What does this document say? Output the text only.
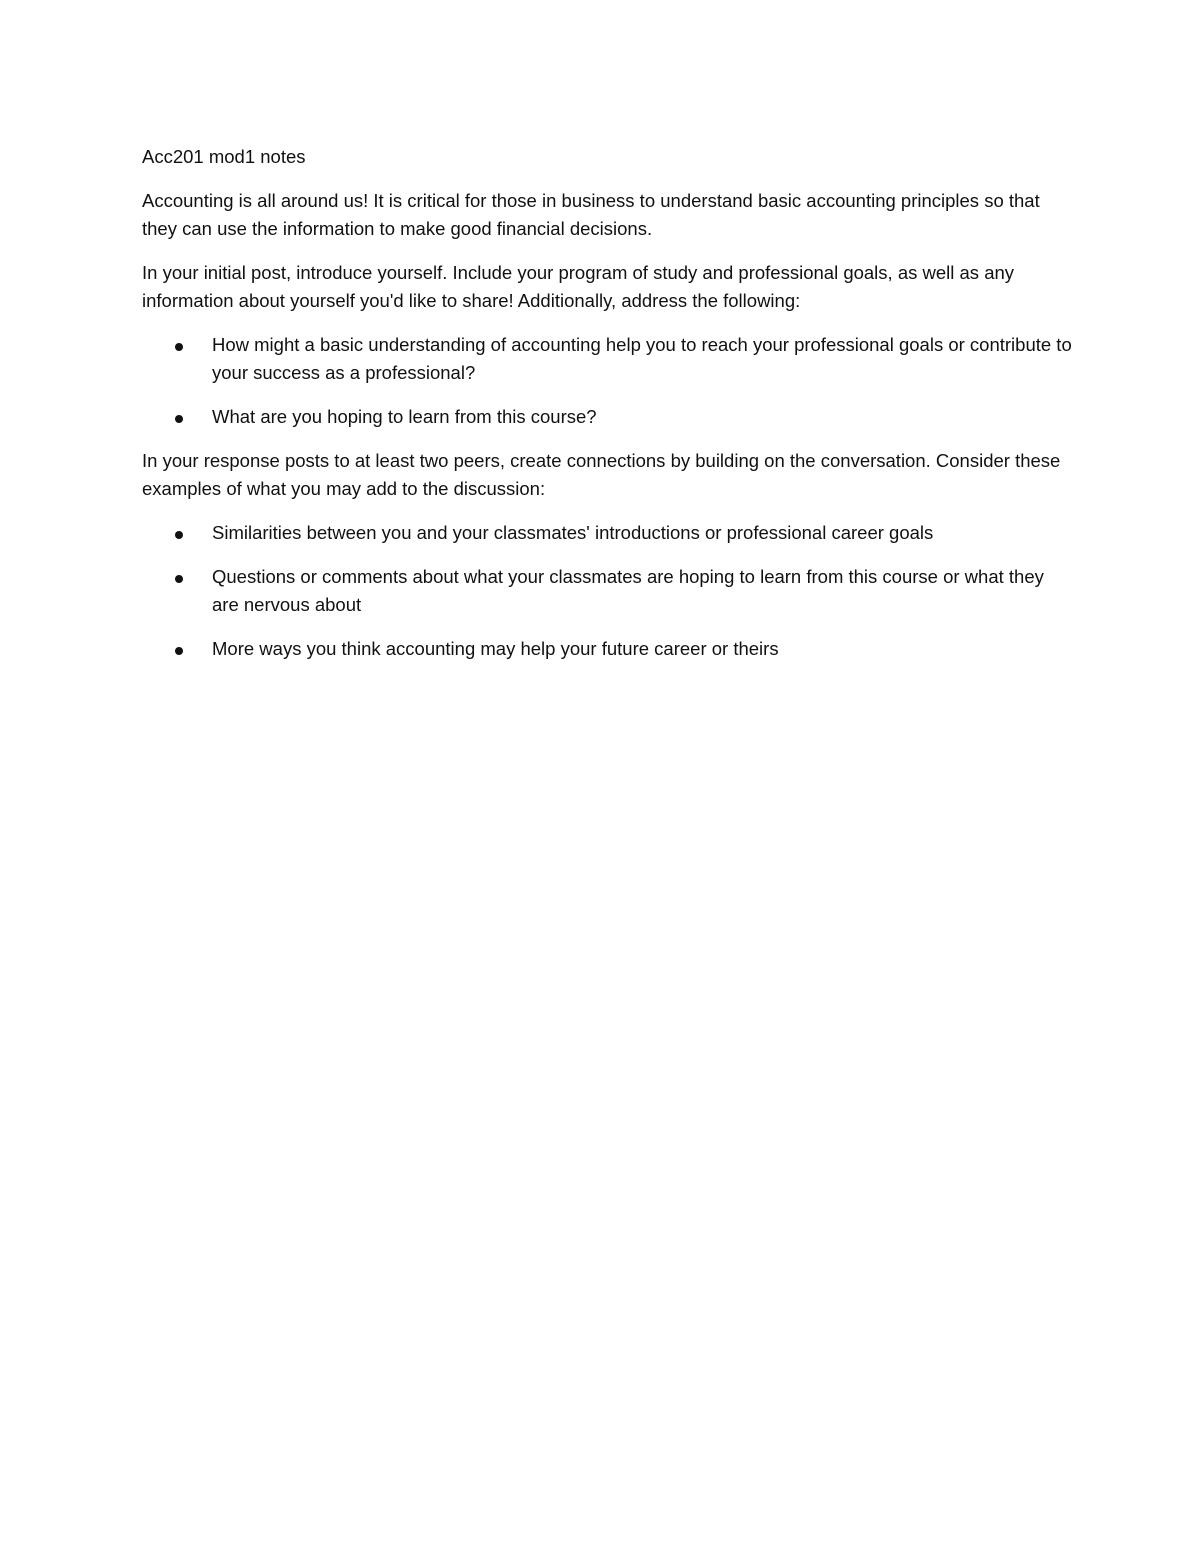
Acc201 mod1 notes

Accounting is all around us! It is critical for those in business to understand basic accounting principles so that they can use the information to make good financial decisions.

In your initial post, introduce yourself. Include your program of study and professional goals, as well as any information about yourself you'd like to share! Additionally, address the following:

How might a basic understanding of accounting help you to reach your professional goals or contribute to your success as a professional?
What are you hoping to learn from this course?

In your response posts to at least two peers, create connections by building on the conversation. Consider these examples of what you may add to the discussion:

Similarities between you and your classmates' introductions or professional career goals
Questions or comments about what your classmates are hoping to learn from this course or what they are nervous about
More ways you think accounting may help your future career or theirs
